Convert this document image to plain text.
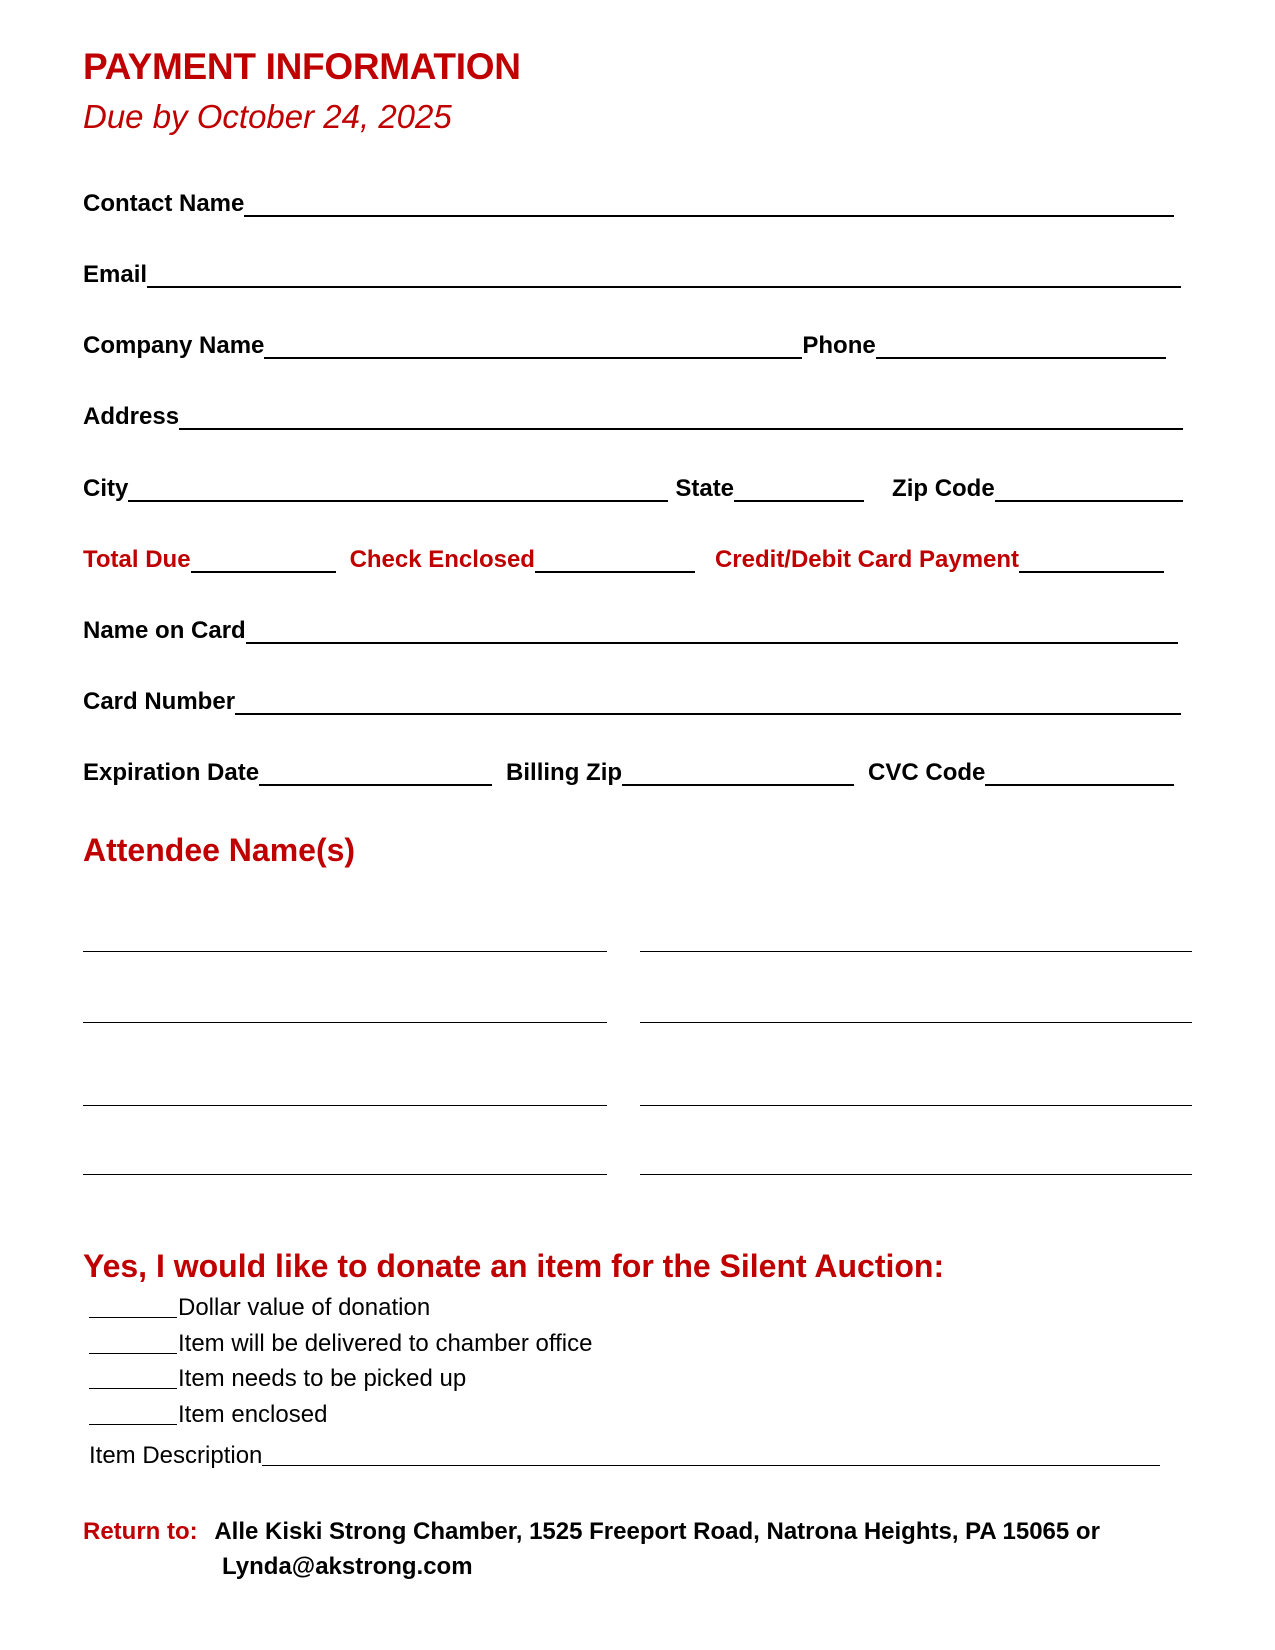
PAYMENT INFORMATION
Due by October 24, 2025
Contact Name
Email
Company Name	Phone
Address
City	State	Zip Code
Total Due	Check Enclosed	Credit/Debit Card Payment
Name on Card
Card Number
Expiration Date	Billing Zip	CVC Code
Attendee Name(s)
Yes, I would like to donate an item for the Silent Auction:
Dollar value of donation
Item will be delivered to chamber office
Item needs to be picked up
Item enclosed
Item Description
Return to: Alle Kiski Strong Chamber, 1525 Freeport Road, Natrona Heights, PA 15065 or
Lynda@akstrong.com
